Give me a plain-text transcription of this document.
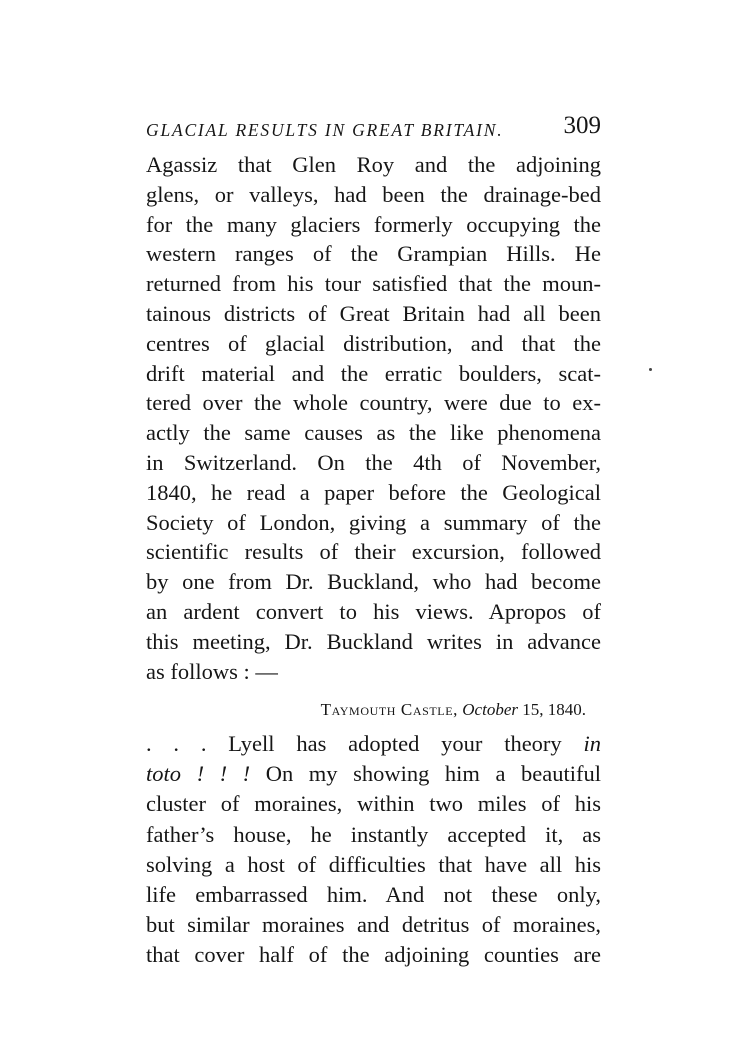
GLACIAL RESULTS IN GREAT BRITAIN. 309
Agassiz that Glen Roy and the adjoining
glens, or valleys, had been the drainage-bed
for the many glaciers formerly occupying the
western ranges of the Grampian Hills. He
returned from his tour satisfied that the moun-
tainous districts of Great Britain had all been
centres of glacial distribution, and that the
drift material and the erratic boulders, scat-
tered over the whole country, were due to ex-
actly the same causes as the like phenomena
in Switzerland. On the 4th of November,
1840, he read a paper before the Geological
Society of London, giving a summary of the
scientific results of their excursion, followed
by one from Dr. Buckland, who had become
an ardent convert to his views. Apropos of
this meeting, Dr. Buckland writes in advance
as follows : —
Taymouth Castle, October 15, 1840.
. . . Lyell has adopted your theory in
toto ! ! ! On my showing him a beautiful
cluster of moraines, within two miles of his
father’s house, he instantly accepted it, as
solving a host of difficulties that have all his
life embarrassed him. And not these only,
but similar moraines and detritus of moraines,
that cover half of the adjoining counties are
